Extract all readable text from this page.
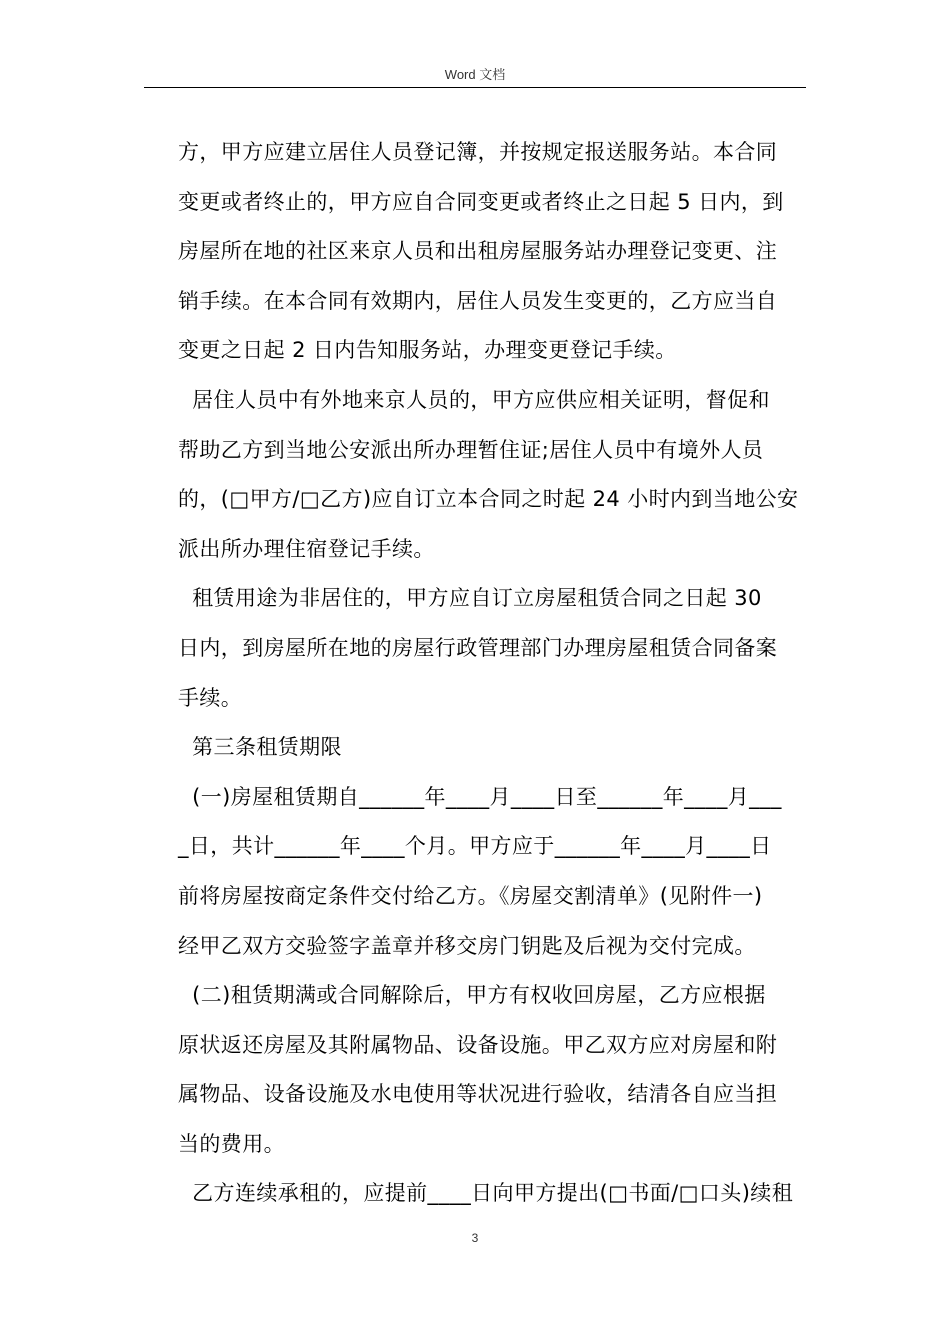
Word 文档
方，甲方应建立居住人员登记簿，并按规定报送服务站。本合同
变更或者终止的，甲方应自合同变更或者终止之日起 5 日内，到
房屋所在地的社区来京人员和出租房屋服务站办理登记变更、注
销手续。在本合同有效期内，居住人员发生变更的，乙方应当自
变更之日起 2 日内告知服务站，办理变更登记手续。
居住人员中有外地来京人员的，甲方应供应相关证明，督促和
帮助乙方到当地公安派出所办理暂住证;居住人员中有境外人员
的，(□甲方/□乙方)应自订立本合同之时起 24 小时内到当地公安
派出所办理住宿登记手续。
租赁用途为非居住的，甲方应自订立房屋租赁合同之日起 30
日内，到房屋所在地的房屋行政管理部门办理房屋租赁合同备案
手续。
第三条租赁期限
(一)房屋租赁期自______年____月____日至______年____月___
_日，共计______年____个月。甲方应于______年____月____日
前将房屋按商定条件交付给乙方。《房屋交割清单》(见附件一)
经甲乙双方交验签字盖章并移交房门钥匙及后视为交付完成。
(二)租赁期满或合同解除后，甲方有权收回房屋，乙方应根据
原状返还房屋及其附属物品、设备设施。甲乙双方应对房屋和附
属物品、设备设施及水电使用等状况进行验收，结清各自应当担
当的费用。
乙方连续承租的，应提前____日向甲方提出(□书面/□口头)续租
3
